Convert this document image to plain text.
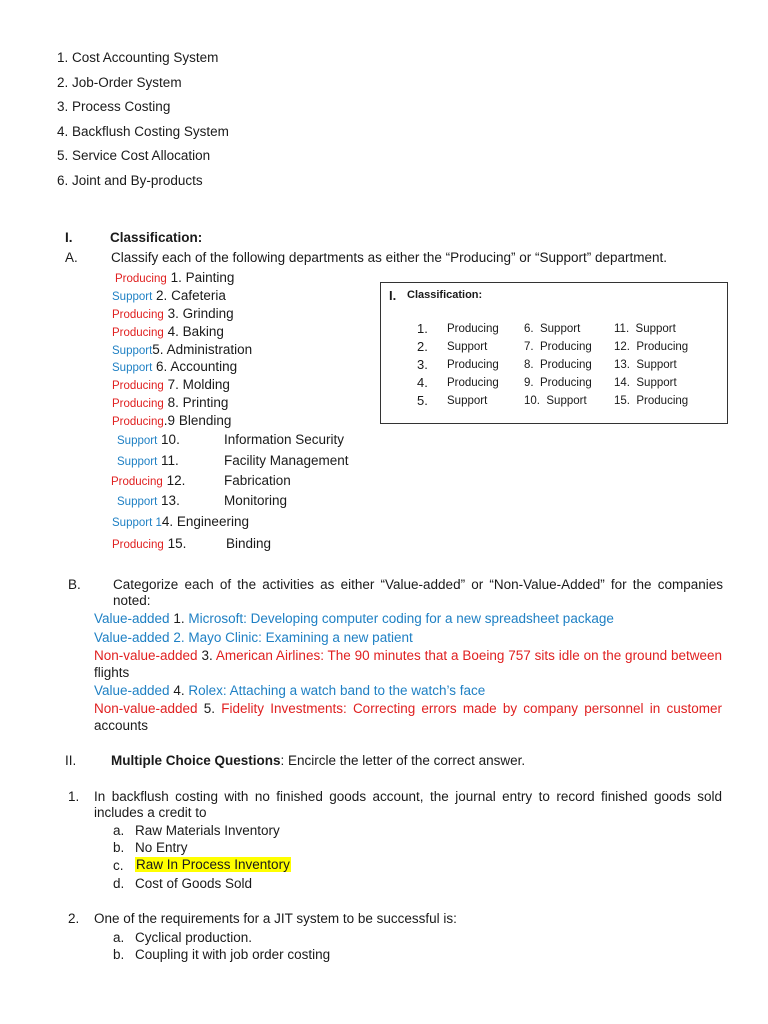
1. Cost Accounting System
2. Job-Order System
3. Process Costing
4. Backflush Costing System
5. Service Cost Allocation
6. Joint and By-products
I.	Classification:
A. Classify each of the following departments as either the “Producing” or “Support” department.
Producing 1. Painting
Support 2. Cafeteria
Producing 3. Grinding
Producing 4. Baking
Support5. Administration
Support 6. Accounting
Producing 7. Molding
Producing 8. Printing
Producing.9 Blending
Support 10.	Information Security
Support 11.	Facility Management
Producing 12.	Fabrication
Support 13.	Monitoring
Support 14. Engineering
Producing 15.	Binding
I. Classification:
1. Producing
2. Support
3. Producing
4. Producing
5. Support
6.  Support
7.  Producing
8.  Producing
9.  Producing
10.  Support
11.  Support
12.  Producing
13.  Support
14.  Support
15.  Producing
B. Categorize each of the activities as either “Value-added” or “Non-Value-Added” for the companies noted:
Value-added 1. Microsoft: Developing computer coding for a new spreadsheet package
Value-added 2. Mayo Clinic: Examining a new patient
Non-value-added 3. American Airlines: The 90 minutes that a Boeing 757 sits idle on the ground between flights
Value-added 4. Rolex: Attaching a watch band to the watch’s face
Non-value-added 5. Fidelity Investments: Correcting errors made by company personnel in customer accounts
II.	Multiple Choice Questions: Encircle the letter of the correct answer.
1. In backflush costing with no finished goods account, the journal entry to record finished goods sold includes a credit to
a. Raw Materials Inventory
b. No Entry
c. Raw In Process Inventory
d. Cost of Goods Sold
2. One of the requirements for a JIT system to be successful is:
a. Cyclical production.
b. Coupling it with job order costing
